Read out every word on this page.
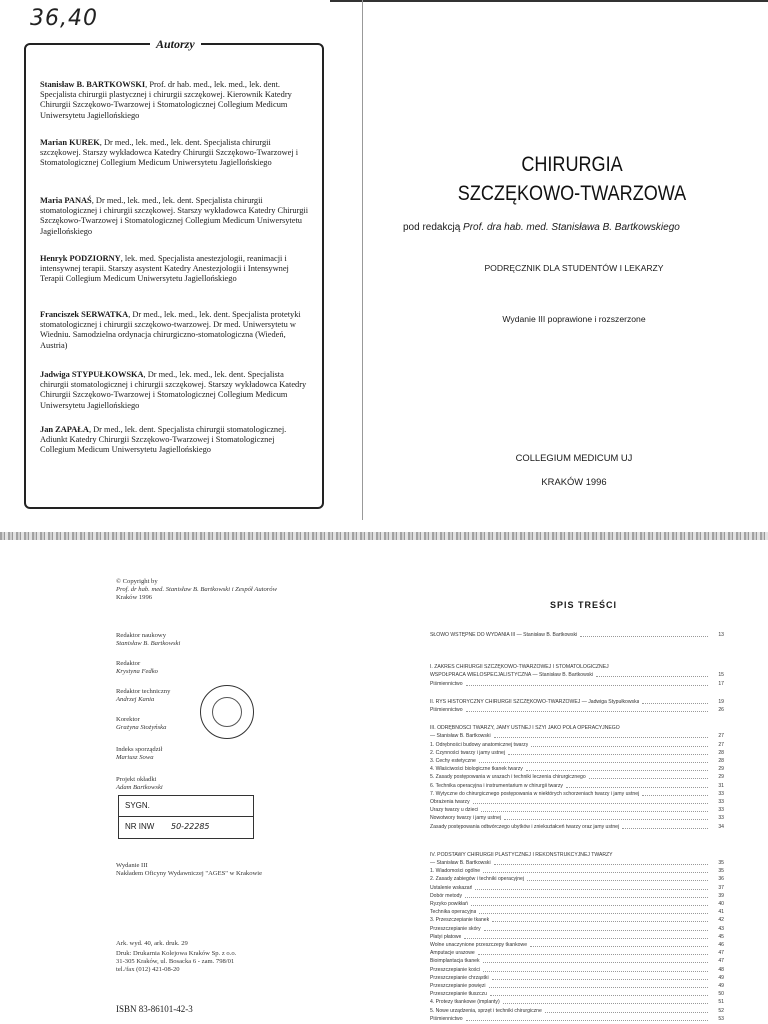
36,40
Autorzy
Stanisław B. BARTKOWSKI, Prof. dr hab. med., lek. med., lek. dent. Specjalista chirurgii plastycznej i chirurgii szczękowej. Kierownik Katedry Chirurgii Szczękowo-Twarzowej i Stomatologicznej Collegium Medicum Uniwersytetu Jagiellońskiego
Marian KUREK, Dr med., lek. med., lek. dent. Specjalista chirurgii szczękowej. Starszy wykładowca Katedry Chirurgii Szczękowo-Twarzowej i Stomatologicznej Collegium Medicum Uniwersytetu Jagiellońskiego
Maria PANAŚ, Dr med., lek. med., lek. dent. Specjalista chirurgii stomatologicznej i chirurgii szczękowej. Starszy wykładowca Katedry Chirurgii Szczękowo-Twarzowej i Stomatologicznej Collegium Medicum Uniwersytetu Jagiellońskiego
Henryk PODZIORNY, lek. med. Specjalista anestezjologii, reanimacji i intensywnej terapii. Starszy asystent Katedry Anestezjologii i Intensywnej Terapii Collegium Medicum Uniwersytetu Jagiellońskiego
Franciszek SERWATKA, Dr med., lek. med., lek. dent. Specjalista protetyki stomatologicznej i chirurgii szczękowo-twarzowej. Dr med. Uniwersytetu w Wiedniu. Samodzielna ordynacja chirurgiczno-stomatologiczna (Wiedeń, Austria)
Jadwiga STYPUŁKOWSKA, Dr med., lek. med., lek. dent. Specjalista chirurgii stomatologicznej i chirurgii szczękowej. Starszy wykładowca Katedry Chirurgii Szczękowo-Twarzowej i Stomatologicznej Collegium Medicum Uniwersytetu Jagiellońskiego
Jan ZAPAŁA, Dr med., lek. dent. Specjalista chirurgii stomatologicznej. Adiunkt Katedry Chirurgii Szczękowo-Twarzowej i Stomatologicznej Collegium Medicum Uniwersytetu Jagiellońskiego
CHIRURGIA
SZCZĘKOWO-TWARZOWA
pod redakcją Prof. dra hab. med. Stanisława B. Bartkowskiego
PODRĘCZNIK DLA STUDENTÓW I LEKARZY
Wydanie III poprawione i rozszerzone
COLLEGIUM MEDICUM UJ
KRAKÓW 1996
© Copyright by
Prof. dr hab. med. Stanisław B. Bartkowski i Zespół Autorów
Kraków 1996
Redaktor naukowy
Stanisław B. Bartkowski
Redaktor
Krystyna Fedko
Redaktor techniczny
Andrzej Kania
Korektor
Grażyna Stożyńska
Indeks sporządził
Mariusz Sowa
Projekt okładki
Adam Bartkowski
SYGN.
NR INW 50-22285
Wydanie III
Nakładem Oficyny Wydawniczej "AGES" w Krakowie
Ark. wyd. 40, ark. druk. 29
Druk: Drukarnia Kolejowa Kraków Sp. z o.o.
31-305 Kraków, ul. Bosacka 6 - zam. 798/01
tel./fax (012) 421-08-20
ISBN 83-86101-42-3
SPIS TREŚCI
SŁOWO WSTĘPNE DO WYDANIA III — Stanisław B. Bartkowski	13
I. ZAKRES CHIRURGII SZCZĘKOWO-TWARZOWEJ I STOMATOLOGICZNEJ
WSPÓŁPRACA WIELOSPECJALISTYCZNA — Stanisław B. Bartkowski	15
Piśmiennictwo	17
II. RYS HISTORYCZNY CHIRURGII SZCZĘKOWO-TWARZOWEJ — Jadwiga Stypułkowska	19
Piśmiennictwo	26
III. ODRĘBNOŚCI TWARZY, JAMY USTNEJ I SZYI JAKO POLA OPERACYJNEGO
— Stanisław B. Bartkowski	27
1. Odrębności budowy anatomicznej twarzy	27
2. Czynności twarzy i jamy ustnej	28
3. Cechy estetyczne	28
4. Właściwości biologiczne tkanek twarzy	29
5. Zasady postępowania w urazach i techniki leczenia chirurgicznego	29
6. Technika operacyjna i instrumentarium w chirurgii twarzy	31
7. Wytyczne do chirurgicznego postępowania w niektórych schorzeniach twarzy i jamy ustnej	33
Obrażenia twarzy	33
Urazy twarzy u dzieci	33
Nowotwory twarzy i jamy ustnej	33
Zasady postępowania odtwórczego ubytków i zniekształceń twarzy oraz jamy ustnej	34
IV. PODSTAWY CHIRURGII PLASTYCZNEJ I REKONSTRUKCYJNEJ TWARZY
— Stanisław B. Bartkowski	35
1. Wiadomości ogólne	35
2. Zasady zabiegów i techniki operacyjnej	36
Ustalenie wskazań	37
Dobór metody	39
Ryzyko powikłań	40
Technika operacyjna	41
3. Przeszczepianie tkanek	42
Przeszczepianie skóry	43
Płatyi płatowe	45
Wolne unaczynione przeszczepy tkankowe	46
Amputacje urazowe	47
Bioimplantacja tkanek	47
Przeszczepianie kości	48
Przeszczepianie chrząstki	49
Przeszczepianie powięzi	49
Przeszczepianie tłuszczu	50
4. Protezy tkankowe (implanty)	51
5. Nowe urządzenia, sprzęt i techniki chirurgiczne	52
Piśmiennictwo	53
